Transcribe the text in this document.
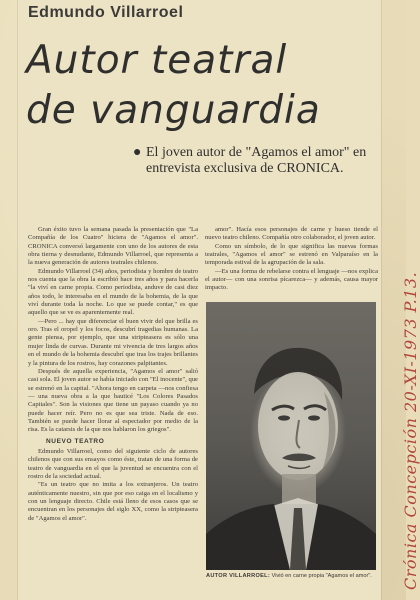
Edmundo Villarroel
Autor teatral
de vanguardia
● El joven autor de "Agamos el amor" en entrevista exclusiva de CRONICA.

Gran éxito tuvo la semana pasada la presentación que "La Compañía de los Cuatro" hiciera de "Agamos el amor". CRONICA conversó largamente con uno de los autores de esta obra tierna y desnudante, Edmundo Villarroel, que representa a la nueva generación de autores teatrales chilenos.

Edmundo Villarroel (34) años, periodista y hombre de teatro nos cuenta que la obra la escribió hace tres años y para hacerla "la viví en carne propia. Como periodista, anduve de casi diez años todo, le interesaba en el mundo de la bohemia, de la que viví durante toda la noche. Lo que se puede contar," es que aquello que se ve es aparentemente real.

—Pero ... hay que diferenciar el buen vivir del que brilla es oro. Tras el oropel y los focos, descubrí tragedias humanas. La gente piensa, por ejemplo, que una stripteasera es sólo una mujer linda de curvas. Durante mi vivencia de tres largos años en el mundo de la bohemia descubrí que tras los trajes brillantes y la pintura de los rostros, hay corazones palpitantes.

Después de aquella experiencia, "Agamos el amor" salió casi sola. El joven autor se había iniciado con "El inocente", que se estrenó en la capital. "Ahora tengo en carpeta —nos confiesa— una nueva obra a la que bauticé "Los Colores Pasados Capitales". Son la visiones que tiene un payaso cuando ya no puede hacer reír. Pero no es que sea triste. Nada de eso. También se puede hacer llorar al espectador por medio de la risa. Es la catarsis de la que nos hablaron los griegos".

NUEVO TEATRO

Edmundo Villarroel, como del siguiente ciclo de autores chilenos que con sus ensayos como éste, tratan de una forma de teatro de vanguardia en el que la juventud se encuentra con el rostro de la sociedad actual.

"Es un teatro que no imita a los extranjeros. Un teatro auténticamente nuestro, sin que por eso caiga en el localismo y con un lenguaje directo. Chile está lleno de esos casos que se encuentran en los personajes del siglo XX, como la stripteasera de "Agamos el amor".

amor". Hacía esos personajes de carne y hueso tiende el nuevo teatro chileno. Compañía otro colaborador, el joven autor.

Como un símbolo, de lo que significa las nuevas formas teatrales, "Agamos el amor" se estrenó en Valparaíso en la temporada estival de la agrupación de la sala.

—Es una forma de rebelarse contra el lenguaje —nos explica el autor— con una sonrisa pícarezca— y además, causa mayor impacto.

AUTOR VILLARROEL: Vivió en carne propia "Agamos el amor".	Crónica Concepción 20-XI-1973 P.13.
